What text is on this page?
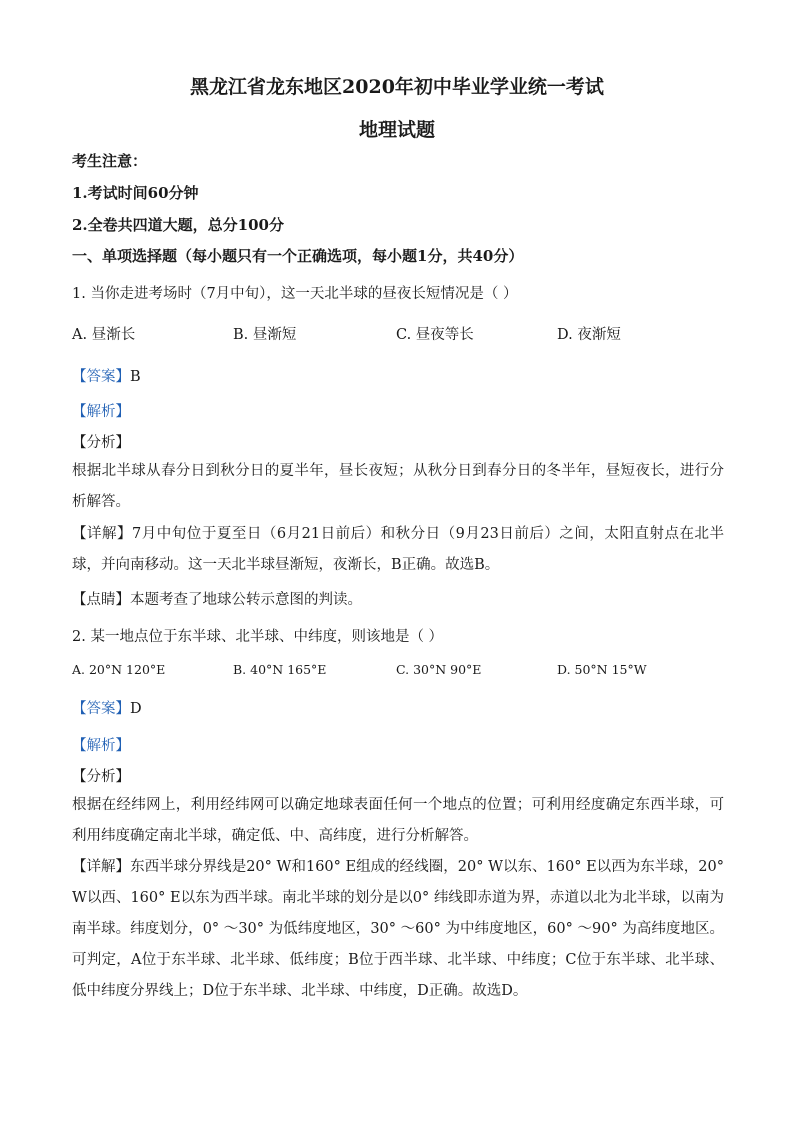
黑龙江省龙东地区2020年初中毕业学业统一考试
地理试题
考生注意：
1.考试时间60分钟
2.全卷共四道大题，总分100分
一、单项选择题（每小题只有一个正确选项，每小题1分，共40分）
1. 当你走进考场时（7月中旬），这一天北半球的昼夜长短情况是（ ）
A. 昼渐长	B. 昼渐短	C. 昼夜等长	D. 夜渐短
【答案】B
【解析】
【分析】
根据北半球从春分日到秋分日的夏半年，昼长夜短；从秋分日到春分日的冬半年，昼短夜长，进行分析解答。
【详解】7月中旬位于夏至日（6月21日前后）和秋分日（9月23日前后）之间，太阳直射点在北半球，并向南移动。这一天北半球昼渐短，夜渐长，B正确。故选B。
【点睛】本题考查了地球公转示意图的判读。
2. 某一地点位于东半球、北半球、中纬度，则该地是（ ）
A. 20°N 120°E	B. 40°N 165°E	C. 30°N 90°E	D. 50°N 15°W
【答案】D
【解析】
【分析】
根据在经纬网上，利用经纬网可以确定地球表面任何一个地点的位置；可利用经度确定东西半球，可利用纬度确定南北半球，确定低、中、高纬度，进行分析解答。
【详解】东西半球分界线是20° W和160° E组成的经线圈，20° W以东、160° E以西为东半球，20° W以西、160° E以东为西半球。南北半球的划分是以0° 纬线即赤道为界，赤道以北为北半球，以南为南半球。纬度划分，0° ～30° 为低纬度地区，30° ～60° 为中纬度地区，60° ～90° 为高纬度地区。可判定，A位于东半球、北半球、低纬度；B位于西半球、北半球、中纬度；C位于东半球、北半球、低中纬度分界线上；D位于东半球、北半球、中纬度，D正确。故选D。
